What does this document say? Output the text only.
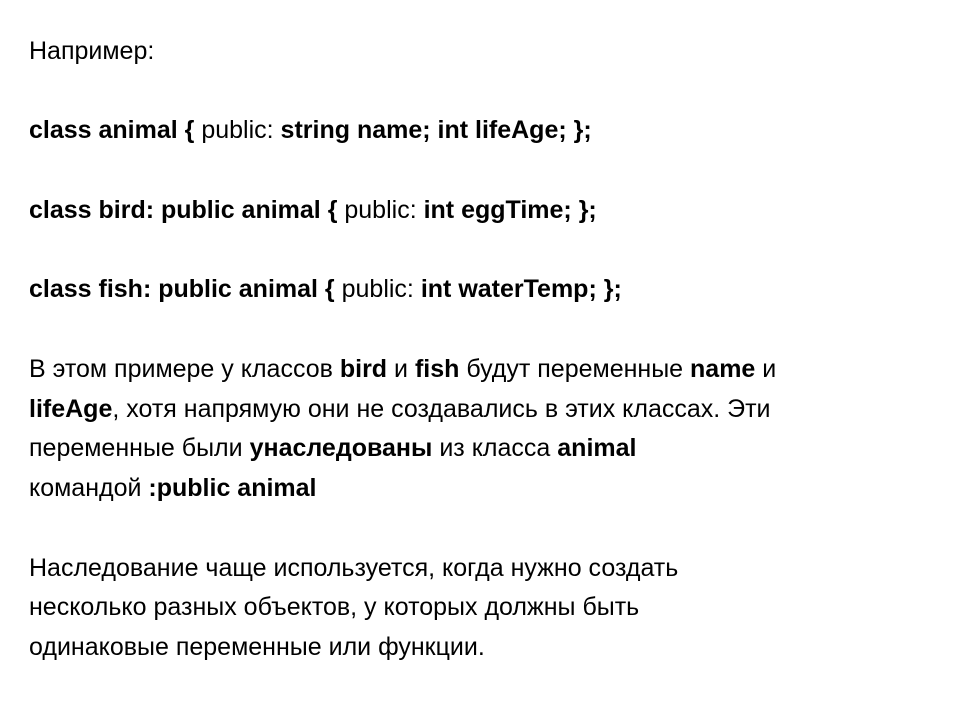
Например:
class animal { public: string name; int lifeAge; };
class bird: public animal { public: int eggTime; };
class fish: public animal { public: int waterTemp; };
В этом примере у классов bird и fish будут переменные name и
lifeAge, хотя напрямую они не создавались в этих классах. Эти
переменные были унаследованы из класса animal
командой :public animal
Наследование чаще используется, когда нужно создать
несколько разных объектов, у которых должны быть
одинаковые переменные или функции.
